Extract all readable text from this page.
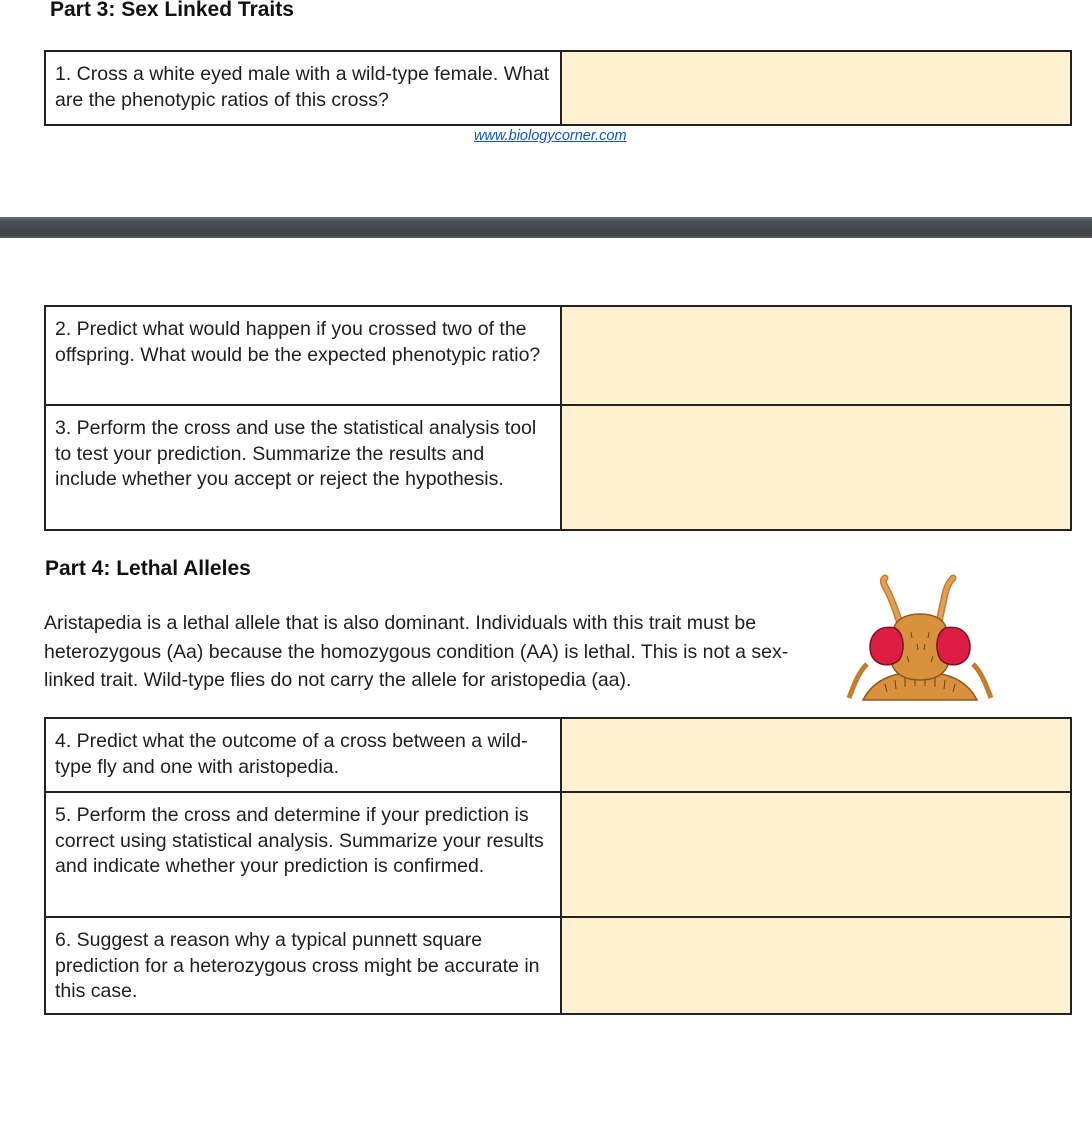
Part 3: Sex Linked Traits
1. Cross a white eyed male with a wild-type female. What are the phenotypic ratios of this cross?	
www.biologycorner.com
2. Predict what would happen if you crossed two of the offspring. What would be the expected phenotypic ratio?	
3. Perform the cross and use the statistical analysis tool to test your prediction. Summarize the results and include whether you accept or reject the hypothesis.	
Part 4: Lethal Alleles
Aristapedia is a lethal allele that is also dominant. Individuals with this trait must be heterozygous (Aa) because the homozygous condition (AA) is lethal. This is not a sex-linked trait. Wild-type flies do not carry the allele for aristopedia (aa).
4. Predict what the outcome of a cross between a wild-type fly and one with aristopedia.	
5. Perform the cross and determine if your prediction is correct using statistical analysis. Summarize your results and indicate whether your prediction is confirmed.	
6. Suggest a reason why a typical punnett square prediction for a heterozygous cross might be accurate in this case.	
